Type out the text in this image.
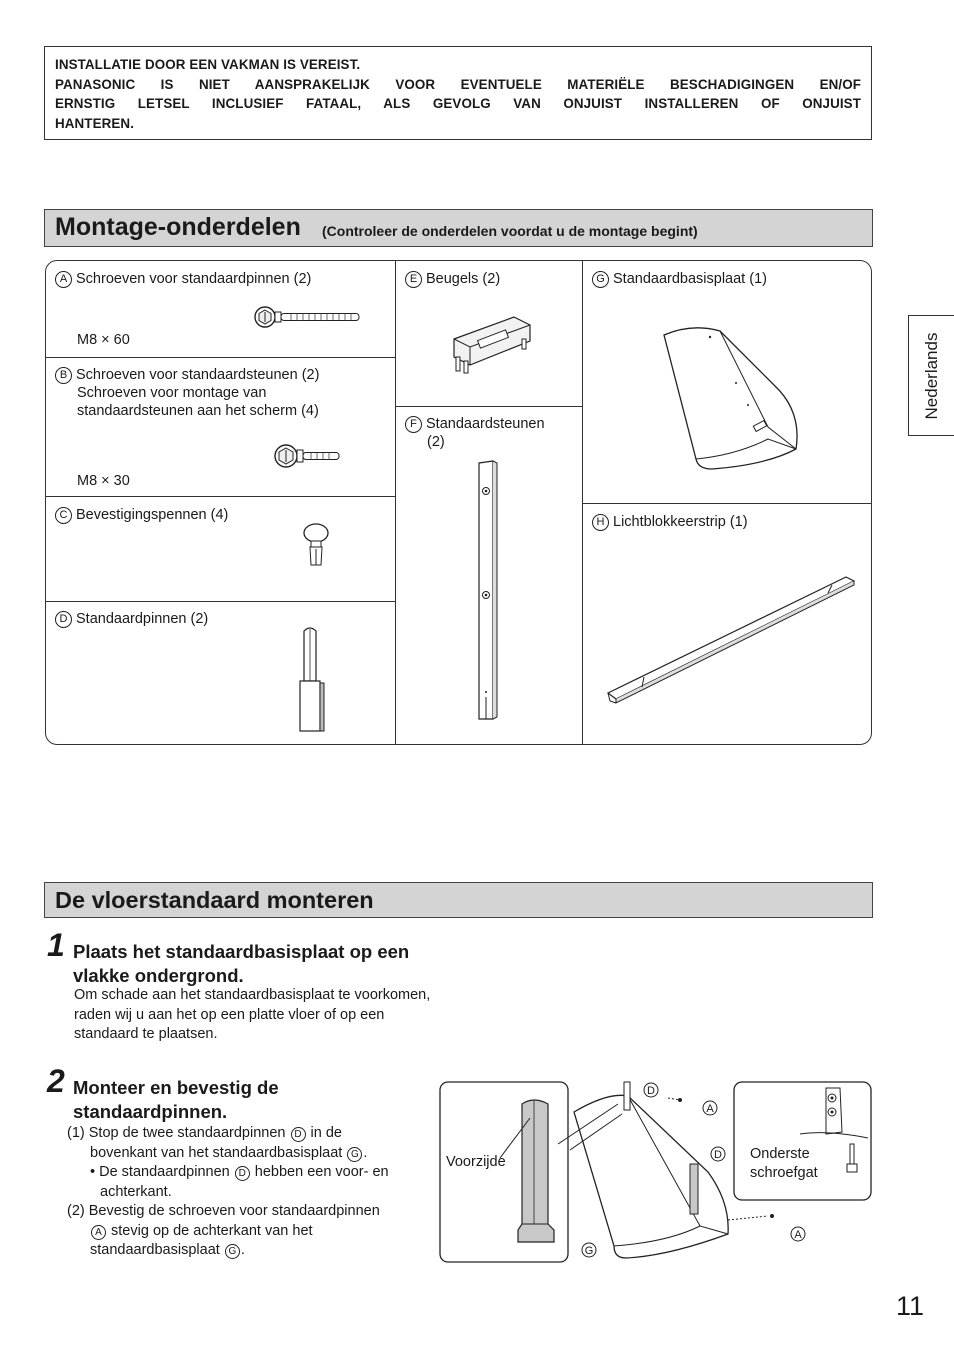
INSTALLATIE DOOR EEN VAKMAN IS VEREIST.
PANASONIC IS NIET AANSPRAKELIJK VOOR EVENTUELE MATERIËLE BESCHADIGINGEN EN/OF
ERNSTIG LETSEL INCLUSIEF FATAAL, ALS GEVOLG VAN ONJUIST INSTALLEREN OF ONJUIST
HANTEREN.
Nederlands
Montage-onderdelen (Controleer de onderdelen voordat u de montage begint)
A Schroeven voor standaardpinnen (2)
M8 × 60
B Schroeven voor standaardsteunen (2)
Schroeven voor montage van
standaardsteunen aan het scherm (4)
M8 × 30
C Bevestigingspennen (4)
D Standaardpinnen (2)
E Beugels (2)
F Standaardsteunen
(2)
G Standaardbasisplaat (1)
H Lichtblokkeerstrip (1)
De vloerstandaard monteren
1 Plaats het standaardbasisplaat op een
vlakke ondergrond.
Om schade aan het standaardbasisplaat te voorkomen,
raden wij u aan het op een platte vloer of op een
standaard te plaatsen.
2 Monteer en bevestig de
standaardpinnen.
(1) Stop de twee standaardpinnen D in de
bovenkant van het standaardbasisplaat G .
• De standaardpinnen D hebben een voor- en
achterkant.
(2) Bevestig de schroeven voor standaardpinnen
A stevig op de achterkant van het
standaardbasisplaat G .
Voorzijde	Onderste
schroefgat
D
A
D
A
G
11
